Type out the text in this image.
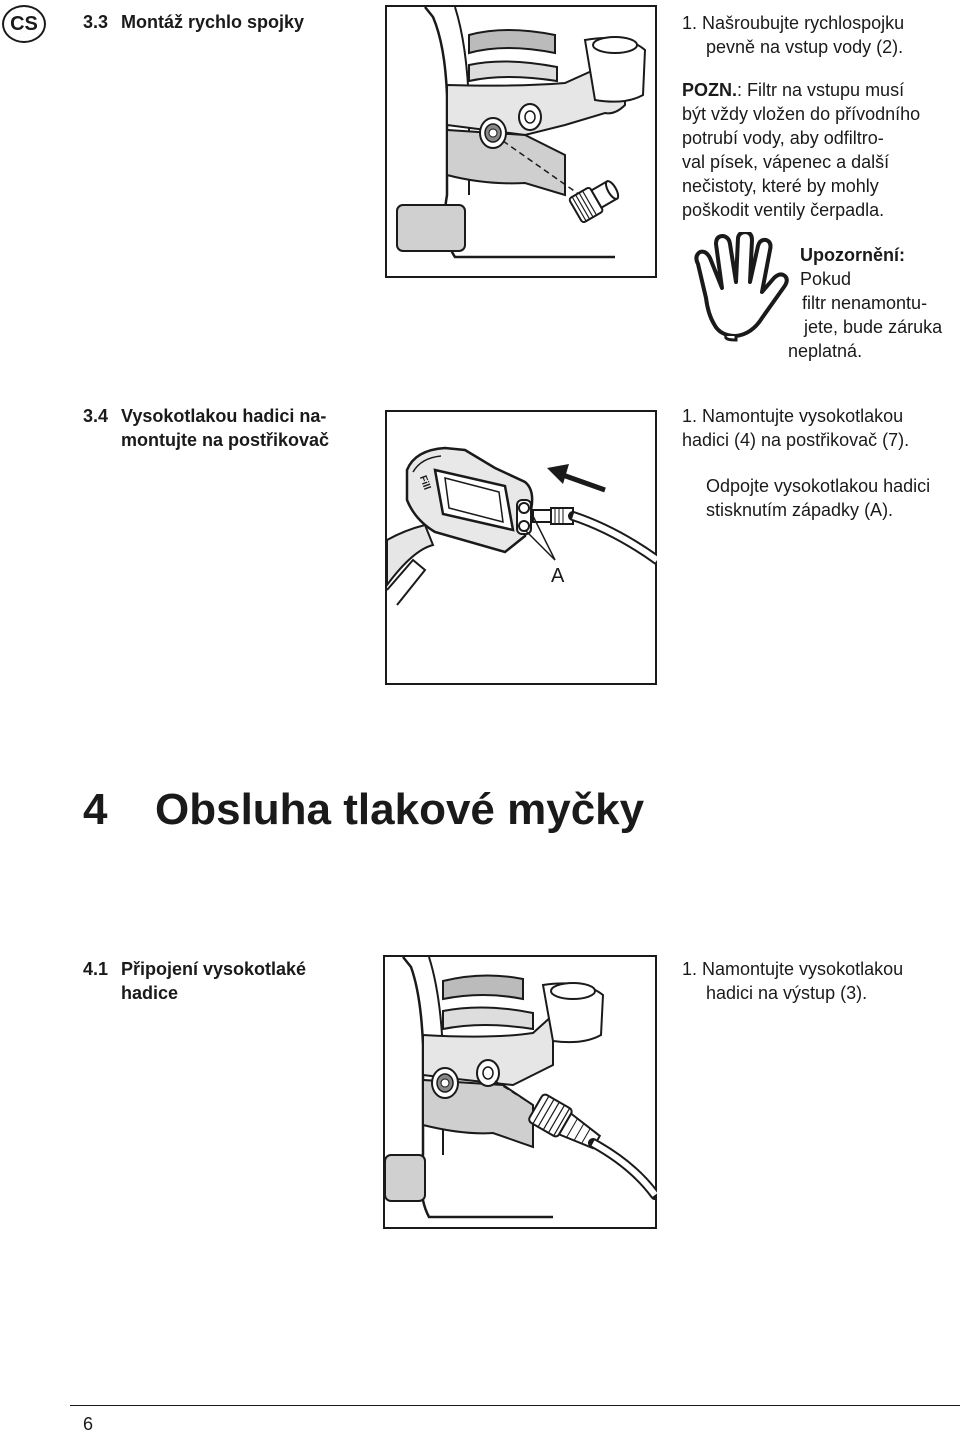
CS	3.3 Montáž rychlo spojky	1. Našroubujte rychlospojku
pevně na vstup vody (2).
POZN.: Filtr na vstupu musí
být vždy vložen do přívodního
potrubí vody, aby odfiltro-
val písek, vápenec a další
nečistoty, které by mohly
poškodit ventily čerpadla.
Upozornění: Pokud
filtr nenamontu-
jete, bude záruka
neplatná.
3.4 Vysokotlakou hadici na-
montujte na postřikovač
Fill
A
1. Namontujte vysokotlakou
hadici (4) na postřikovač (7).
Odpojte vysokotlakou hadici
stisknutím západky (A).
4 Obsluha tlakové myčky
4.1 Připojení vysokotlaké
hadice
1. Namontujte vysokotlakou
hadici na výstup (3).
6
